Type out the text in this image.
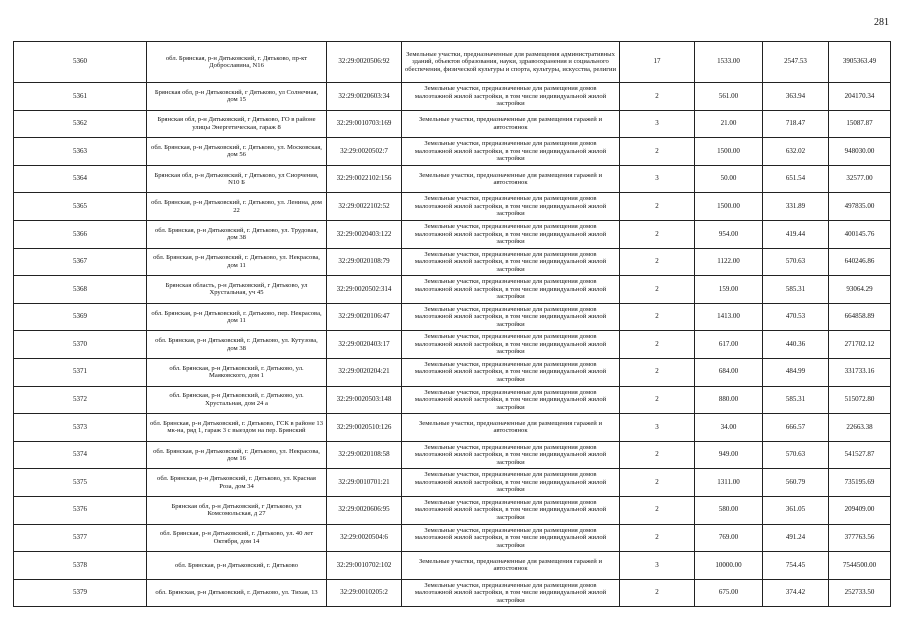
281
5360	обл. Брянская, р-н Дятьковский, г. Дятьково, пр-кт Доброславина, N16	32:29:0020506:92	Земельные участки, предназначенные для размещения административных зданий, объектов образования, науки, здравоохранения и социального обеспечения, физической культуры и спорта, культуры, искусства, религии	17	1533.00	2547.53	3905363.49
5361	Брянская обл, р-н Дятьковский, г Дятьково, ул Солнечная, дом 15	32:29:0020603:34	Земельные участки, предназначенные для размещения домов малоэтажной жилой застройки, в том числе индивидуальной жилой застройки	2	561.00	363.94	204170.34
5362	Брянская обл, р-н Дятьковский, г Дятьково, ГО в районе улицы Энергетическая, гараж 8	32:29:0010703:169	Земельные участки, предназначенные для размещения гаражей и автостоянок	3	21.00	718.47	15087.87
5363	обл. Брянская, р-н Дятьковский, г. Дятьково, ул. Московская, дом 56	32:29:0020502:7	Земельные участки, предназначенные для размещения домов малоэтажной жилой застройки, в том числе индивидуальной жилой застройки	2	1500.00	632.02	948030.00
5364	Брянская обл, р-н Дятьковский, г Дятьково, ул Сиорчения, N10 Б	32:29:0022102:156	Земельные участки, предназначенные для размещения гаражей и автостоянок	3	50.00	651.54	32577.00
5365	обл. Брянская, р-н Дятьковский, г. Дятьково, ул. Ленина, дом 22	32:29:0022102:52	Земельные участки, предназначенные для размещения домов малоэтажной жилой застройки, в том числе индивидуальной жилой застройки	2	1500.00	331.89	497835.00
5366	обл. Брянская, р-н Дятьковский, г. Дятьково, ул. Трудовая, дом 38	32:29:0020403:122	Земельные участки, предназначенные для размещения домов малоэтажной жилой застройки, в том числе индивидуальной жилой застройки	2	954.00	419.44	400145.76
5367	обл. Брянская, р-н Дятьковский, г. Дятьково, ул. Некрасова, дом 11	32:29:0020108:79	Земельные участки, предназначенные для размещения домов малоэтажной жилой застройки, в том числе индивидуальной жилой застройки	2	1122.00	570.63	640246.86
5368	Брянская область, р-н Дятьковский, г Дятьково, ул Хрустальная, уч 45	32:29:0020502:314	Земельные участки, предназначенные для размещения домов малоэтажной жилой застройки, в том числе индивидуальной жилой застройки	2	159.00	585.31	93064.29
5369	обл. Брянская, р-н Дятьковский, г. Дятьково, пер. Некрасова, дом 11	32:29:0020106:47	Земельные участки, предназначенные для размещения домов малоэтажной жилой застройки, в том числе индивидуальной жилой застройки	2	1413.00	470.53	664858.89
5370	обл. Брянская, р-н Дятьковский, г. Дятьково, ул. Кутузова, дом 38	32:29:0020403:17	Земельные участки, предназначенные для размещения домов малоэтажной жилой застройки, в том числе индивидуальной жилой застройки	2	617.00	440.36	271702.12
5371	обл. Брянская, р-н Дятьковский, г. Дятьково, ул. Маяковского, дом 1	32:29:0020204:21	Земельные участки, предназначенные для размещения домов малоэтажной жилой застройки, в том числе индивидуальной жилой застройки	2	684.00	484.99	331733.16
5372	обл. Брянская, р-н Дятьковский, г. Дятьково, ул. Хрустальная, дом 24 а	32:29:0020503:148	Земельные участки, предназначенные для размещения домов малоэтажной жилой застройки, в том числе индивидуальной жилой застройки	2	880.00	585.31	515072.80
5373	обл. Брянская, р-н Дятьковский, г. Дятьково, ГСК в районе 13 мк-на, ряд 1, гараж 3 с выездом на пер. Брянский	32:29:0020510:126	Земельные участки, предназначенные для размещения гаражей и автостоянок	3	34.00	666.57	22663.38
5374	обл. Брянская, р-н Дятьковский, г. Дятьково, ул. Некрасова, дом 16	32:29:0020108:58	Земельные участки, предназначенные для размещения домов малоэтажной жилой застройки, в том числе индивидуальной жилой застройки	2	949.00	570.63	541527.87
5375	обл. Брянская, р-н Дятьковский, г. Дятьково, ул. Красная Роза, дом 34	32:29:0010701:21	Земельные участки, предназначенные для размещения домов малоэтажной жилой застройки, в том числе индивидуальной жилой застройки	2	1311.00	560.79	735195.69
5376	Брянская обл, р-н Дятьковский, г Дятьково, ул Комсомольская, д 27	32:29:0020606:95	Земельные участки, предназначенные для размещения домов малоэтажной жилой застройки, в том числе индивидуальной жилой застройки	2	580.00	361.05	209409.00
5377	обл. Брянская, р-н Дятьковский, г. Дятьково, ул. 40 лет Октября, дом 14	32:29:0020504:6	Земельные участки, предназначенные для размещения домов малоэтажной жилой застройки, в том числе индивидуальной жилой застройки	2	769.00	491.24	377763.56
5378	обл. Брянская, р-н Дятьковский, г. Дятьково	32:29:0010702:102	Земельные участки, предназначенные для размещения гаражей и автостоянок	3	10000.00	754.45	7544500.00
5379	обл. Брянская, р-н Дятьковский, г. Дятьково, ул. Тихая, 13	32:29:0010205:2	Земельные участки, предназначенные для размещения домов малоэтажной жилой застройки, в том числе индивидуальной жилой застройки	2	675.00	374.42	252733.50
